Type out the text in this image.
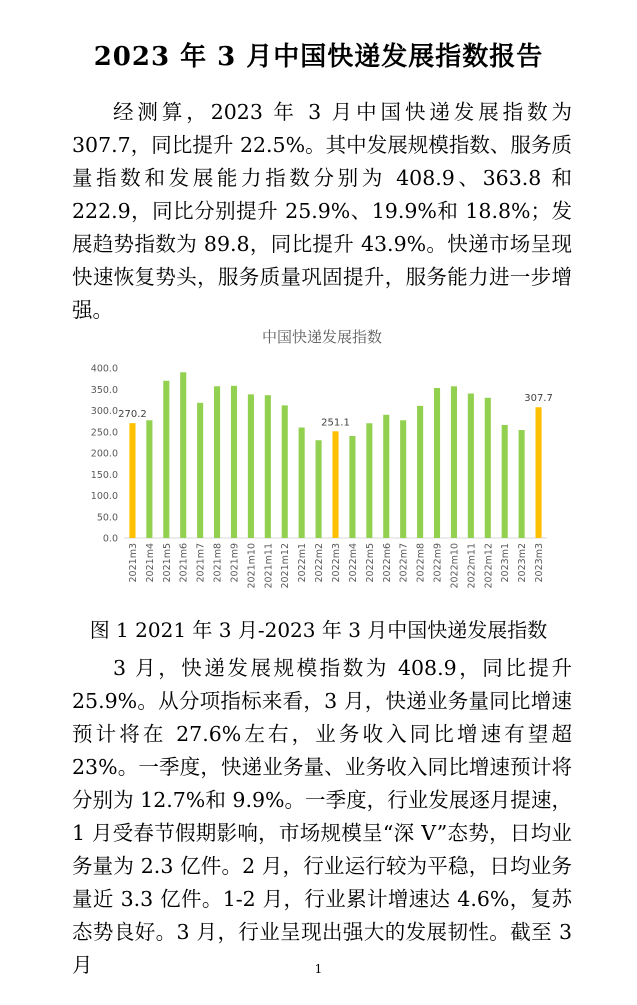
2023 年 3 月中国快递发展指数报告

经测算，2023 年 3 月中国快递发展指数为 307.7，同比提升 22.5%。其中发展规模指数、服务质量指数和发展能力指数分别为 408.9、363.8 和 222.9，同比分别提升 25.9%、19.9%和 18.8%；发展趋势指数为 89.8，同比提升 43.9%。快递市场呈现快速恢复势头，服务质量巩固提升，服务能力进一步增强。

中国快递发展指数
0.0
50.0
100.0
150.0
200.0
250.0
300.0
350.0
400.0
2021m3 2021m4 2021m5 2021m6 2021m7 2021m8 2021m9 2021m10 2021m11 2021m12 2022m1 2022m2 2022m3 2022m4 2022m5 2022m6 2022m7 2022m8 2022m9 2022m10 2022m11 2022m12 2023m1 2023m2 2023m3
270.2
251.1
307.7
图 1 2021 年 3 月-2023 年 3 月中国快递发展指数

3 月，快递发展规模指数为 408.9，同比提升 25.9%。从分项指标来看，3 月，快递业务量同比增速预计将在 27.6%左右，业务收入同比增速有望超 23%。一季度，快递业务量、业务收入同比增速预计将分别为 12.7%和 9.9%。一季度，行业发展逐月提速，1 月受春节假期影响，市场规模呈“深 V”态势，日均业务量为 2.3 亿件。2 月，行业运行较为平稳，日均业务量近 3.3 亿件。1-2 月，行业累计增速达 4.6%，复苏态势良好。3 月，行业呈现出强大的发展韧性。截至 3 月	1
